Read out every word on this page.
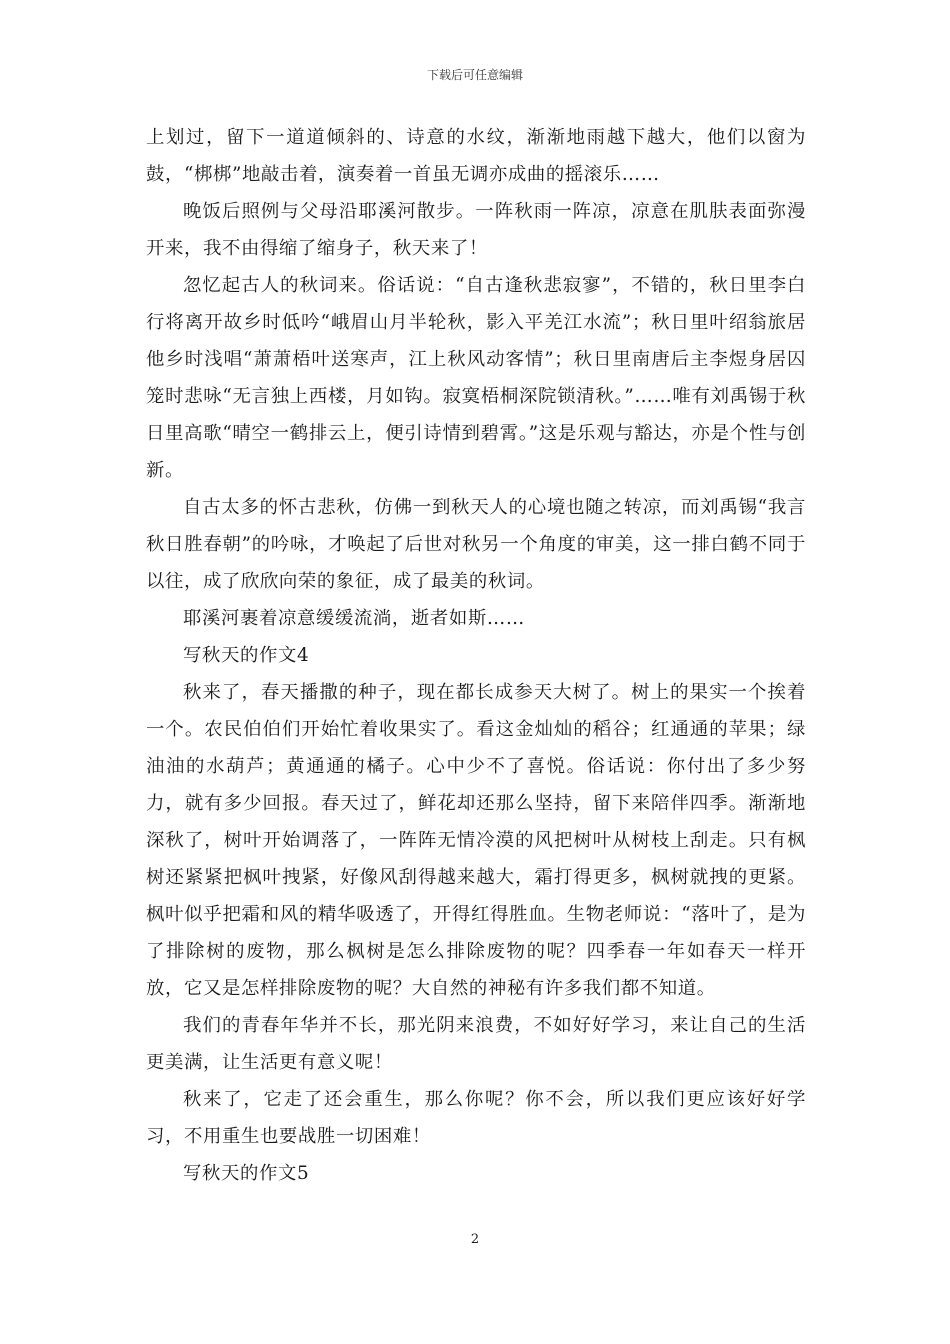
下载后可任意编辑

上划过，留下一道道倾斜的、诗意的水纹，渐渐地雨越下越大，他们以窗为鼓，“梆梆”地敲击着，演奏着一首虽无调亦成曲的摇滚乐……

晚饭后照例与父母沿耶溪河散步。一阵秋雨一阵凉，凉意在肌肤表面弥漫开来，我不由得缩了缩身子，秋天来了！

忽忆起古人的秋词来。俗话说：“自古逢秋悲寂寥”，不错的，秋日里李白行将离开故乡时低吟“峨眉山月半轮秋，影入平羌江水流”；秋日里叶绍翁旅居他乡时浅唱“萧萧梧叶送寒声，江上秋风动客情”；秋日里南唐后主李煜身居囚笼时悲咏“无言独上西楼，月如钩。寂寞梧桐深院锁清秋。”……唯有刘禹锡于秋日里高歌“晴空一鹤排云上，便引诗情到碧霄。”这是乐观与豁达，亦是个性与创新。

自古太多的怀古悲秋，仿佛一到秋天人的心境也随之转凉，而刘禹锡“我言秋日胜春朝”的吟咏，才唤起了后世对秋另一个角度的审美，这一排白鹤不同于以往，成了欣欣向荣的象征，成了最美的秋词。

耶溪河裹着凉意缓缓流淌，逝者如斯……

写秋天的作文4

秋来了，春天播撒的种子，现在都长成参天大树了。树上的果实一个挨着一个。农民伯伯们开始忙着收果实了。看这金灿灿的稻谷；红通通的苹果；绿油油的水葫芦；黄通通的橘子。心中少不了喜悦。俗话说：你付出了多少努力，就有多少回报。春天过了，鲜花却还那么坚持，留下来陪伴四季。渐渐地深秋了，树叶开始调落了，一阵阵无情冷漠的风把树叶从树枝上刮走。只有枫树还紧紧把枫叶拽紧，好像风刮得越来越大，霜打得更多，枫树就拽的更紧。枫叶似乎把霜和风的精华吸透了，开得红得胜血。生物老师说：“落叶了，是为了排除树的废物，那么枫树是怎么排除废物的呢？四季春一年如春天一样开放，它又是怎样排除废物的呢？大自然的神秘有许多我们都不知道。

我们的青春年华并不长，那光阴来浪费，不如好好学习，来让自己的生活更美满，让生活更有意义呢！

秋来了，它走了还会重生，那么你呢？你不会，所以我们更应该好好学习，不用重生也要战胜一切困难！

写秋天的作文5

2
